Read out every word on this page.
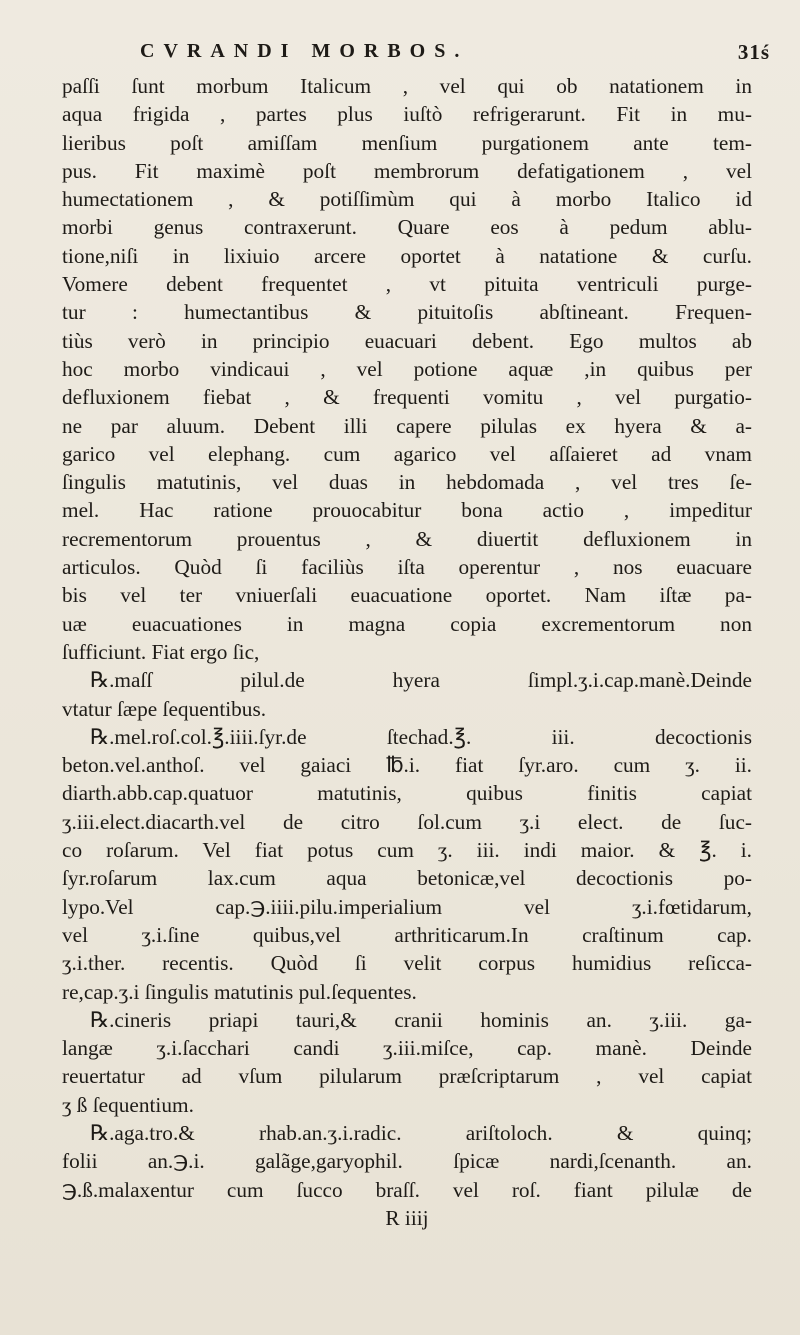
CVRANDI MORBOS.	31ś
paſſi ſunt morbum Italicum , vel qui ob natationem in
aqua frigida , partes plus iuſtò refrigerarunt. Fit in mu-
lieribus poſt amiſſam menſium purgationem ante tem-
pus. Fit maximè poſt membrorum defatigationem , vel
humectationem , & potiſſimùm qui à morbo Italico id
morbi genus contraxerunt. Quare eos à pedum ablu-
tione,niſi in lixiuio arcere oportet à natatione & curſu.
Vomere debent frequentet , vt pituita ventriculi purge-
tur : humectantibus & pituitoſis abſtineant. Frequen-
tiùs verò in principio euacuari debent. Ego multos ab
hoc morbo vindicaui , vel potione aquæ ,in quibus per
defluxionem fiebat , & frequenti vomitu , vel purgatio-
ne par aluum. Debent illi capere pilulas ex hyera & a-
garico vel elephang. cum agarico vel aſſaieret ad vnam
ſingulis matutinis, vel duas in hebdomada , vel tres ſe-
mel. Hac ratione prouocabitur bona actio , impeditur
recrementorum prouentus , & diuertit defluxionem in
articulos. Quòd ſi faciliùs iſta operentur , nos euacuare
bis vel ter vniuerſali euacuatione oportet. Nam iſtæ pa-
uæ euacuationes in magna copia excrementorum non
ſufficiunt. Fiat ergo ſic,
℞.maſſ pilul.de hyera ſimpl.ʒ.i.cap.manè.Deinde
vtatur ſæpe ſequentibus.
℞.mel.roſ.col.℥.iiii.ſyr.de ſtechad.℥. iii. decoctionis
beton.vel.anthoſ. vel gaiaci ℔.i. fiat ſyr.aro. cum ʒ. ii.
diarth.abb.cap.quatuor matutinis, quibus finitis capiat
ʒ.iii.elect.diacarth.vel de citro ſol.cum ʒ.i elect. de ſuc-
co roſarum. Vel fiat potus cum ʒ. iii. indi maior. & ℥. i.
ſyr.roſarum lax.cum aqua betonicæ,vel decoctionis po-
lypo.Vel cap.℈.iiii.pilu.imperialium vel ʒ.i.fœtidarum,
vel ʒ.i.ſine quibus,vel arthriticarum.In craſtinum cap.
ʒ.i.ther. recentis. Quòd ſi velit corpus humidius reſicca-
re,cap.ʒ.i ſingulis matutinis pul.ſequentes.
℞.cineris priapi tauri,& cranii hominis an. ʒ.iii. ga-
langæ ʒ.i.ſacchari candi ʒ.iii.miſce, cap. manè. Deinde
reuertatur ad vſum pilularum præſcriptarum , vel capiat
ʒ ß ſequentium.
℞.aga.tro.& rhab.an.ʒ.i.radic. ariſtoloch. & quinq;
folii an.℈.i. galãge,garyophil. ſpicæ nardi,ſcenanth. an.
℈.ß.malaxentur cum ſucco braſſ. vel roſ. fiant pilulæ de
R iiij
